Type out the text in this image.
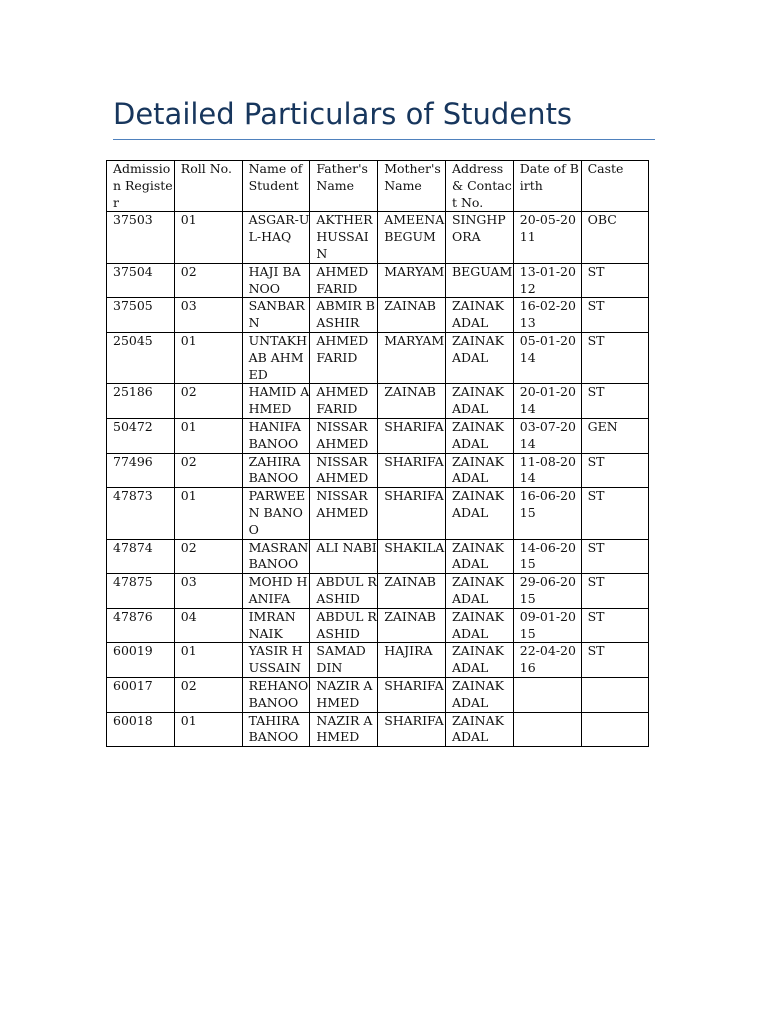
Detailed Particulars of Students
Admission Register	Roll No.	Name of Student	Father's Name	Mother's Name	Address & Contact No.	Date of Birth	Caste
37503	01	ASGAR-UL-HAQ	AKTHER HUSSAIN	AMEENA BEGUM	SINGHPORA	20-05-2011	OBC
37504	02	HAJI BANOO	AHMED FARID	MARYAM	BEGUAM	13-01-2012	ST
37505	03	SANBARN	ABMIR BASHIR	ZAINAB	ZAINAK ADAL	16-02-2013	ST
25045	01	UNTAKHAB AHMED	AHMED FARID	MARYAM	ZAINAK ADAL	05-01-2014	ST
25186	02	HAMID AHMED	AHMED FARID	ZAINAB	ZAINAK ADAL	20-01-2014	ST
50472	01	HANIFA BANOO	NISSAR AHMED	SHARIFA	ZAINAK ADAL	03-07-2014	GEN
77496	02	ZAHIRA BANOO	NISSAR AHMED	SHARIFA	ZAINAK ADAL	11-08-2014	ST
47873	01	PARWEEN BANOO	NISSAR AHMED	SHARIFA	ZAINAK ADAL	16-06-2015	ST
47874	02	MASRAN BANOO	ALI NABI	SHAKILA	ZAINAK ADAL	14-06-2015	ST
47875	03	MOHD HANIFA	ABDUL RASHID	ZAINAB	ZAINAK ADAL	29-06-2015	ST
47876	04	IMRAN NAIK	ABDUL RASHID	ZAINAB	ZAINAK ADAL	09-01-2015	ST
60019	01	YASIR HUSSAIN	SAMAD DIN	HAJIRA	ZAINAK ADAL	22-04-2016	ST
60017	02	REHANO BANOO	NAZIR AHMED	SHARIFA	ZAINAK ADAL		
60018	01	TAHIRA BANOO	NAZIR AHMED	SHARIFA	ZAINAK ADAL		
